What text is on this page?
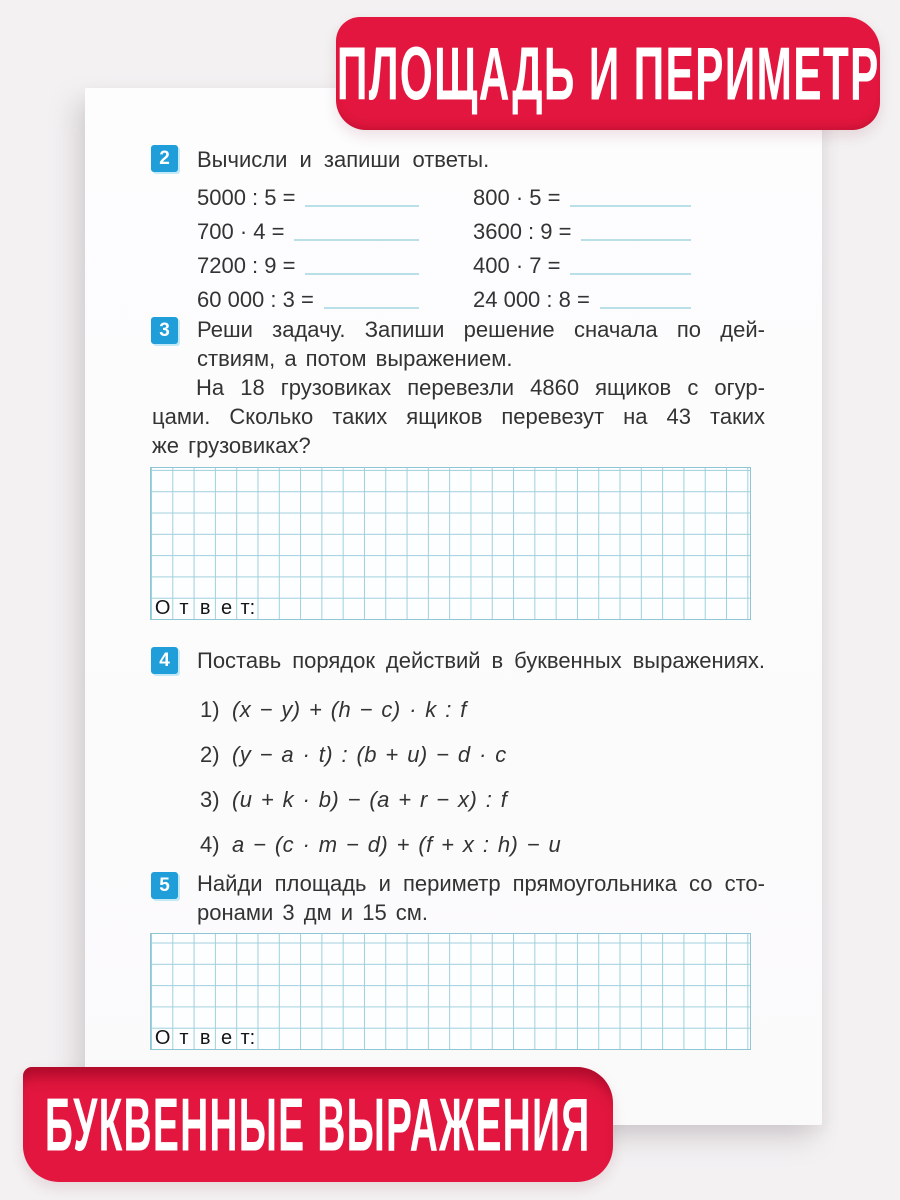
2	Вычисли и запиши ответы.
5000 : 5 =	800 · 5 =
700 · 4 =	3600 : 9 =
7200 : 9 =	400 · 7 =
60 000 : 3 =	24 000 : 8 =
3	Реши задачу. Запиши решение сначала по дей-
ствиям, а потом выражением.
На 18 грузовиках перевезли 4860 ящиков с огур-
цами. Сколько таких ящиков перевезут на 43 таких
же грузовиках?
О т в е т:
4	Поставь порядок действий в буквенных выражениях.
1) (x − y) + (h − c) · k : f
2) (y − a · t) : (b + u) − d · c
3) (u + k · b) − (a + r − x) : f
4) a − (c · m − d) + (f + x : h) − u
5	Найди площадь и периметр прямоугольника со сто-
ронами 3 дм и 15 см.
О т в е т:
ПЛОЩАДЬ И ПЕРИМЕТР
БУКВЕННЫЕ ВЫРАЖЕНИЯ
